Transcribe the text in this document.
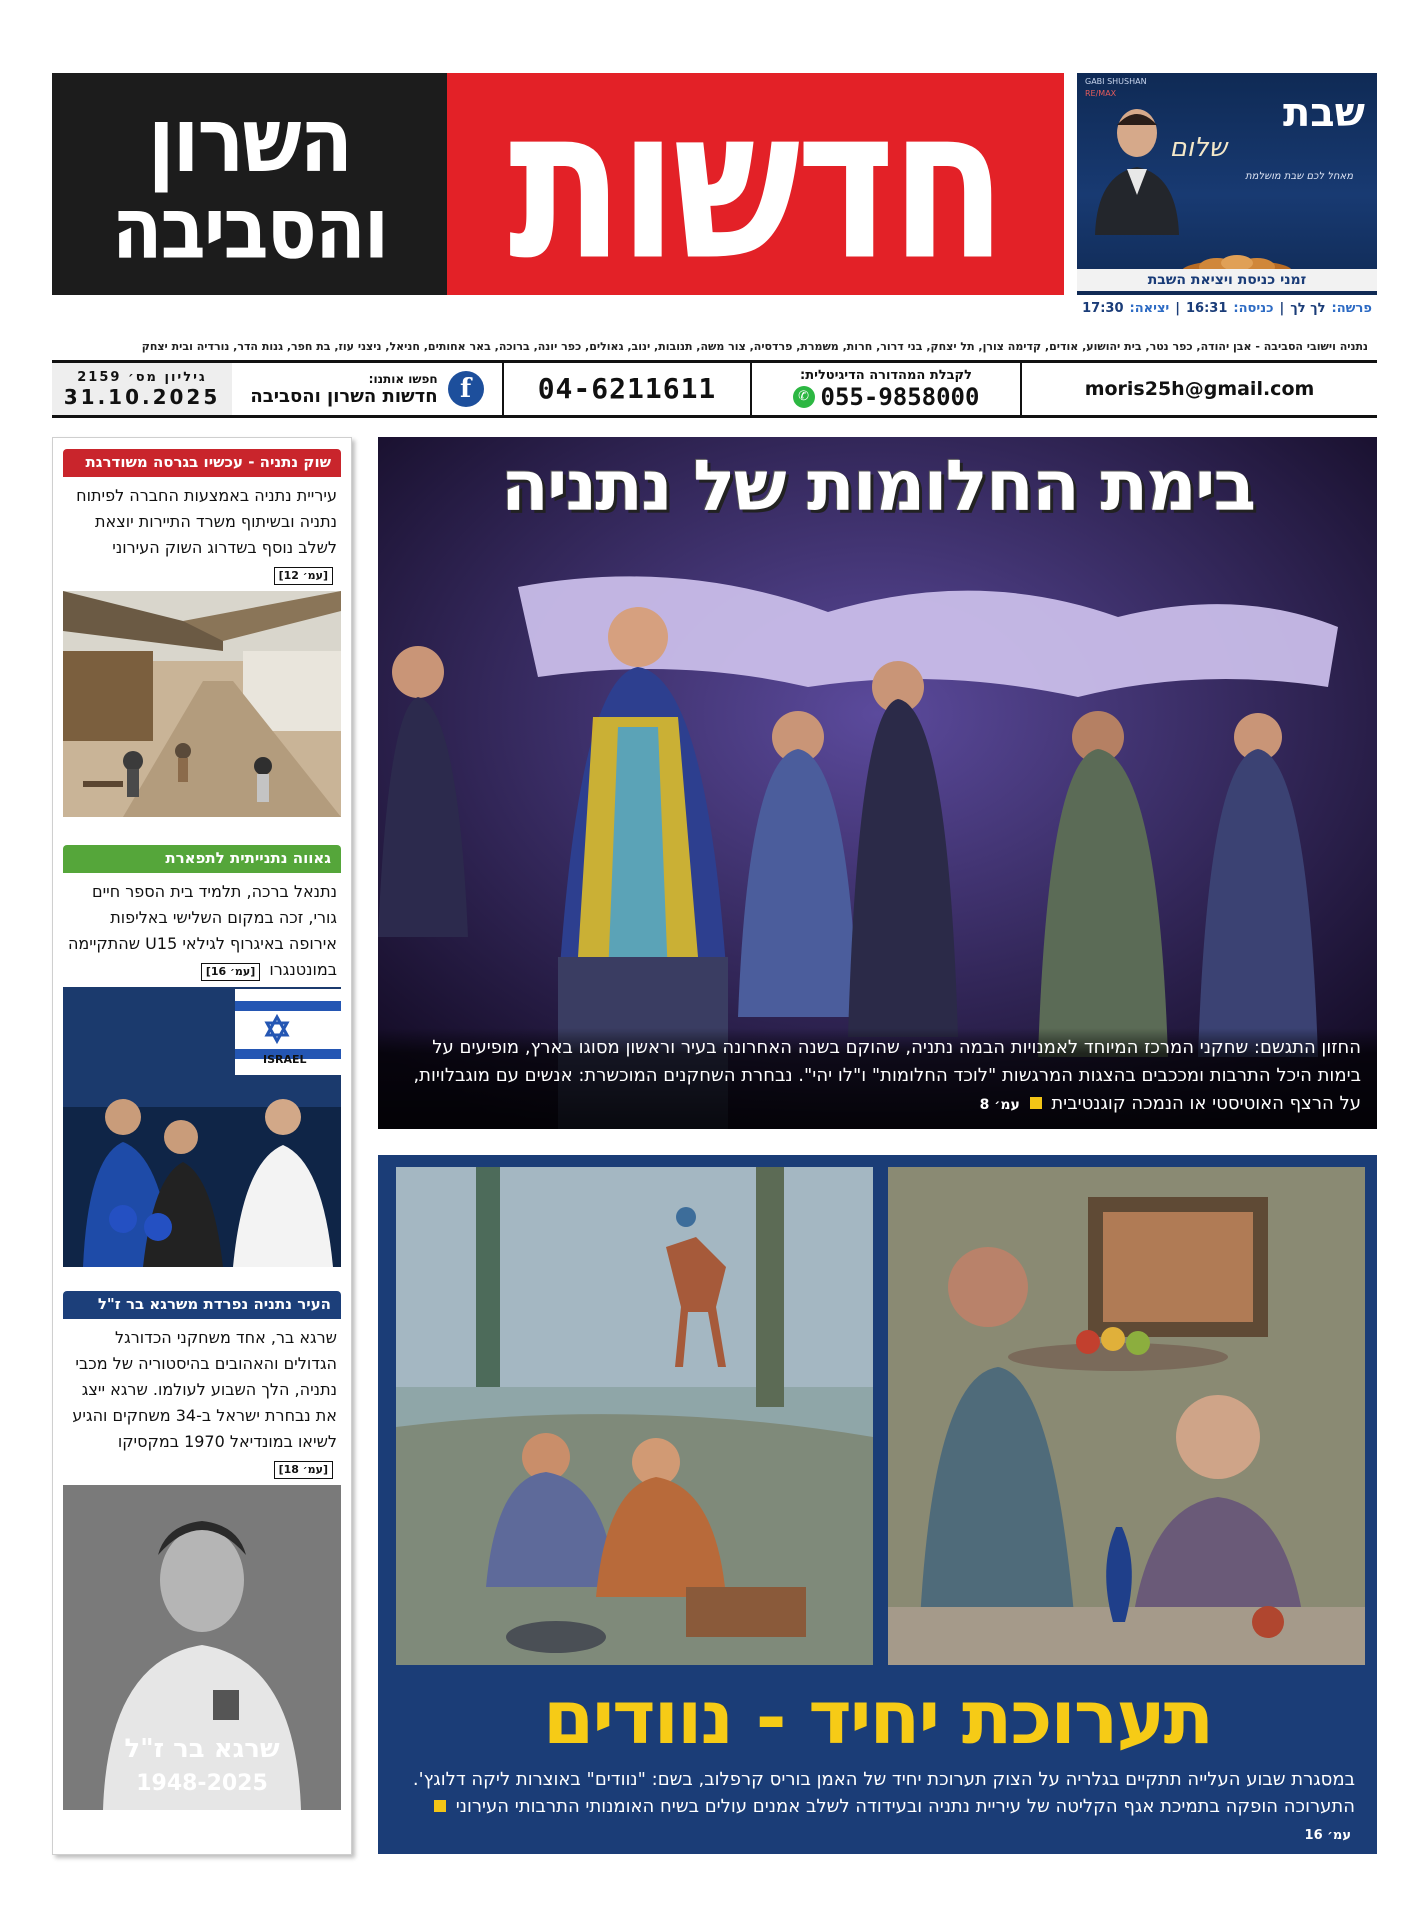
השרון
והסביבה חדשות	GABI SHUSHAN
RE/MAX	שבת
שלום
מאחל לכם שבת מושלמת
זמני כניסת ויציאת השבת
פרשה:
לך לך
|
כניסה:
16:31
|
יציאה:
17:30
נתניה וישובי הסביבה - אבן יהודה, כפר נטר, בית יהושוע, אודים, קדימה צורן, תל יצחק, בני דרור, חרות, משמרת, פרדסיה, צור משה, תנובות, ינוב, גאולים, כפר יונה, ברוכה, באר אחותים, חניאל, ניצני עוז, בת חפר, גנות הדר, נורדיה ובית יצחק
גיליון מס׳ 2159
31.10.2025	f
חפשו אותנו:
חדשות השרון והסביבה	04-6211611	לקבלת המהדורה הדיגיטלית:
✆ 055-9858000	moris25h@gmail.com
שוק נתניה - עכשיו בגרסה משודרגת
עיריית נתניה באמצעות החברה לפיתוח נתניה ובשיתוף משרד התיירות יוצאת לשלב נוסף בשדרוג השוק העירוני [עמ׳ 12]
גאווה נתנייתית לתפארת
נתנאל ברכה, תלמיד בית הספר חיים גורי, זכה במקום השלישי באליפות אירופה באיגרוף לגילאי U15 שהתקיימה במונטנגרו [עמ׳ 16]
ISRAEL
העיר נתניה נפרדת משרגא בר ז"ל
שרגא בר, אחד משחקני הכדורגל הגדולים והאהובים בהיסטוריה של מכבי נתניה, הלך השבוע לעולמו. שרגא ייצג את נבחרת ישראל ב-34 משחקים והגיע לשיאו במונדיאל 1970 במקסיקו [עמ׳ 18]
שרגא בר ז"ל
1948-2025
בימת החלומות של נתניה
החזון התגשם: שחקני המרכז המיוחד לאמנויות הבמה נתניה, שהוקם בשנה האחרונה בעיר וראשון מסוגו בארץ, מופיעים על בימות היכל התרבות ומככבים בהצגות המרגשות "לוכד החלומות" ו"לו יהי". נבחרת השחקנים המוכשרת: אנשים עם מוגבלויות, על הרצף האוטיסטי או הנמכה קוגנטיבית  עמ׳ 8
תערוכת יחיד - נוודים
במסגרת שבוע העלייה תתקיים בגלריה על הצוק תערוכת יחיד של האמן בוריס קרפלוב, בשם: "נוודים" באוצרות ליקה דלוגץ'. התערוכה הופקה בתמיכת אגף הקליטה של עיריית נתניה ובעידודה לשלב אמנים עולים בשיח האומנותי התרבותי העירוני  עמ׳ 16
